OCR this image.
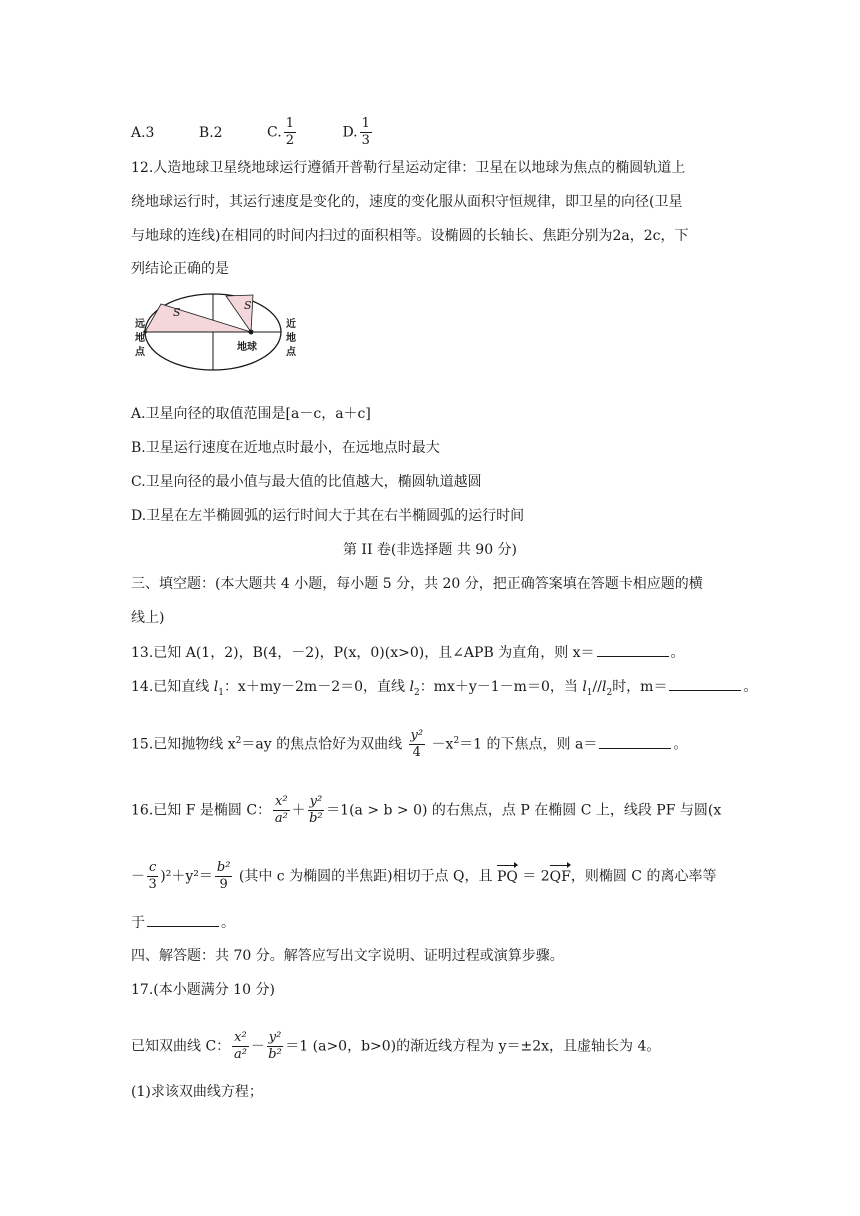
A.3	B.2	C. $\frac{1}{2}$	D. $\frac{1}{3}$
12.人造地球卫星绕地球运行遵循开普勒行星运动定律：卫星在以地球为焦点的椭圆轨道上
绕地球运行时，其运行速度是变化的，速度的变化服从面积守恒规律，即卫星的向径(卫星
与地球的连线)在相同的时间内扫过的面积相等。设椭圆的长轴长、焦距分别为2a，2c，下
列结论正确的是
S
S
远
地
点
近
地
点
地球
A.卫星向径的取值范围是[a－c，a＋c]
B.卫星运行速度在近地点时最小，在远地点时最大
C.卫星向径的最小值与最大值的比值越大，椭圆轨道越圆
D.卫星在左半椭圆弧的运行时间大于其在右半椭圆弧的运行时间
第 II 卷(非选择题 共 90 分)
三、填空题：(本大题共 4 小题，每小题 5 分，共 20 分，把正确答案填在答题卡相应题的横
线上)
13.已知 A(1，2)，B(4，－2)，P(x，0)(x>0)，且∠APB 为直角，则 x＝	。
14.已知直线 $l_1$：x＋my－2m－2＝0，直线 $l_2$：mx＋y－1－m＝0，当 $l_1//l_2$时，m＝	。
15.已知抛物线 $x^2=ay$ 的焦点恰好为双曲线 $\frac{\text{y²}}{4} -x^2=1$ 的下焦点，则 a＝	。
16.已知 F 是椭圆 C： $\frac{\text{x²}}{\text{a²}} + \frac{\text{y²}}{\text{b²}} =1(a > b > 0)$ 的右焦点，点 P 在椭圆 C 上，线段 PF 与圆(x
－ $\frac{c}{3} )^2+y^2= \frac{\text{b²}}{9}$ (其中 c 为椭圆的半焦距)相切于点 Q，且 PQ ＝ 2QF，则椭圆 C 的离心率等
于	。
四、解答题：共 70 分。解答应写出文字说明、证明过程或演算步骤。
17.(本小题满分 10 分)
已知双曲线 C： $\frac{\text{x²}}{\text{a²}} - \frac{\text{y²}}{\text{b²}} =1$ (a>0，b>0)的渐近线方程为 y＝±2x，且虚轴长为 4。
(1)求该双曲线方程；
